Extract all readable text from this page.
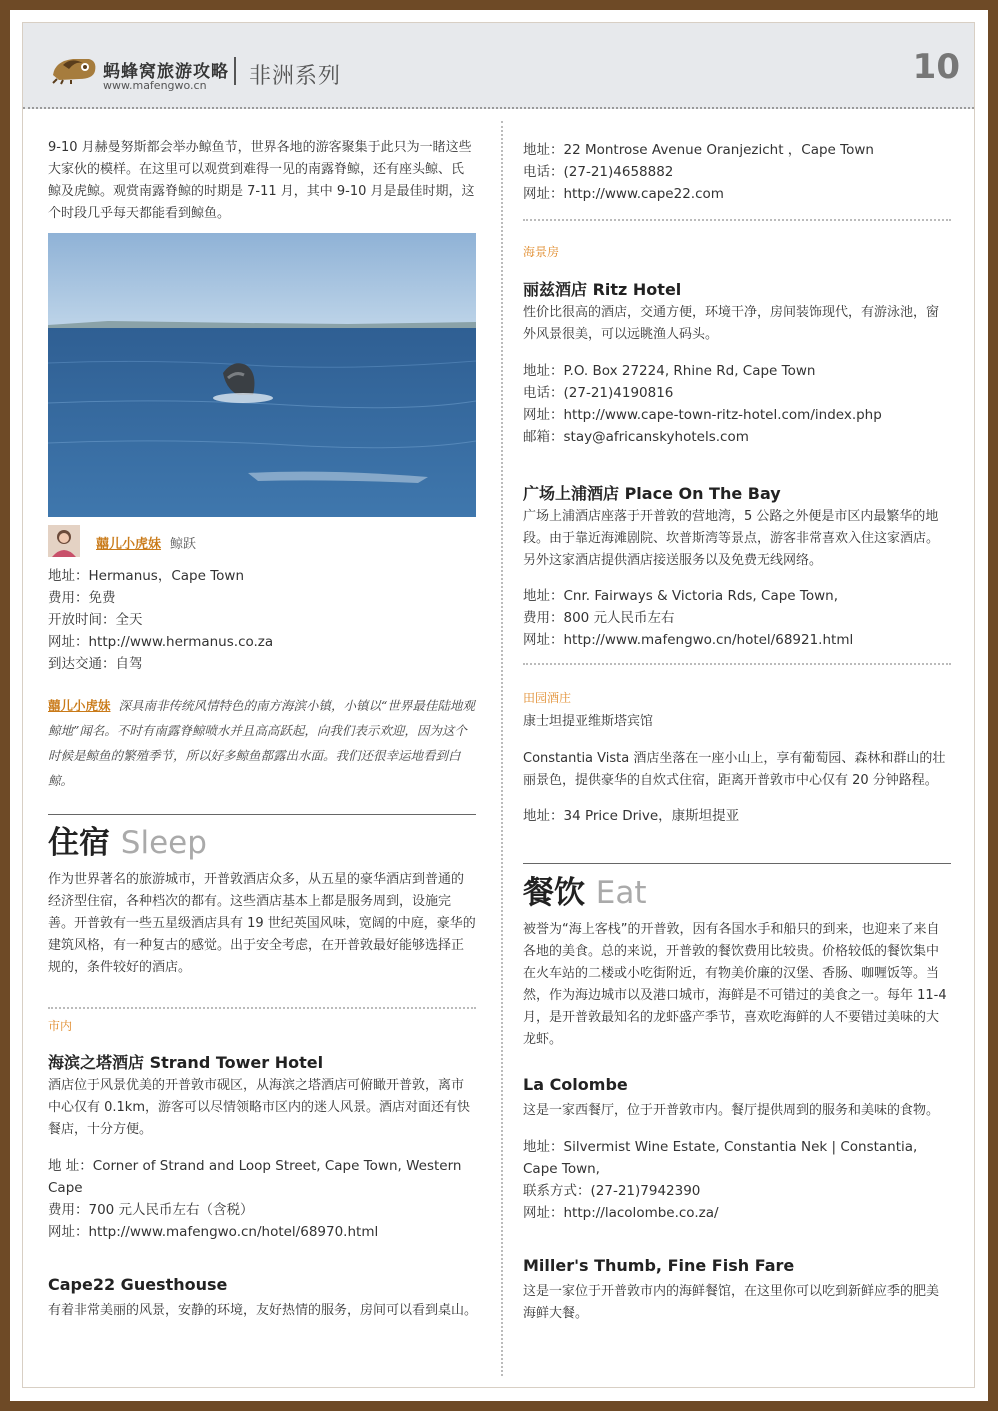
蚂蜂窝旅游攻略
www.mafengwo.cn 非洲系列	10

9-10 月赫曼努斯都会举办鲸鱼节，世界各地的游客聚集于此只为一睹这些大家伙的模样。在这里可以观赏到难得一见的南露脊鲸，还有座头鲸、氏鲸及虎鲸。观赏南露脊鲸的时期是 7-11 月，其中 9-10 月是最佳时期，这个时段几乎每天都能看到鲸鱼。

囍儿小虎妹 鲸跃

地址：Hermanus，Cape Town

费用：免费

开放时间：全天

网址：http://www.hermanus.co.za

到达交通：自驾

囍儿小虎妹 深具南非传统风情特色的南方海滨小镇，小镇以“世界最佳陆地观鲸地”闻名。不时有南露脊鲸喷水并且高高跃起，向我们表示欢迎，因为这个时候是鲸鱼的繁殖季节，所以好多鲸鱼都露出水面。我们还很幸运地看到白鲸。

住宿 Sleep

作为世界著名的旅游城市，开普敦酒店众多，从五星的豪华酒店到普通的经济型住宿，各种档次的都有。这些酒店基本上都是服务周到，设施完善。开普敦有一些五星级酒店具有 19 世纪英国风味，宽阔的中庭，豪华的建筑风格，有一种复古的感觉。出于安全考虑，在开普敦最好能够选择正规的，条件较好的酒店。

市内

海滨之塔酒店 Strand Tower Hotel

酒店位于风景优美的开普敦市砚区，从海滨之塔酒店可俯瞰开普敦，离市中心仅有 0.1km，游客可以尽情领略市区内的迷人风景。酒店对面还有快餐店，十分方便。

地 址：Corner of Strand and Loop Street, Cape Town, Western Cape

费用：700 元人民币左右（含税）

网址：http://www.mafengwo.cn/hotel/68970.html

Cape22 Guesthouse

有着非常美丽的风景，安静的环境，友好热情的服务，房间可以看到桌山。

地址：22 Montrose Avenue Oranjezicht ，Cape Town

电话：(27-21)4658882

网址：http://www.cape22.com

海景房

丽兹酒店 Ritz Hotel

性价比很高的酒店，交通方便，环境干净，房间装饰现代，有游泳池，窗外风景很美，可以远眺渔人码头。

地址：P.O. Box 27224, Rhine Rd, Cape Town

电话：(27-21)4190816

网址：http://www.cape-town-ritz-hotel.com/index.php

邮箱：stay@africanskyhotels.com

广场上浦酒店 Place On The Bay

广场上浦酒店座落于开普敦的营地湾，5 公路之外便是市区内最繁华的地段。由于靠近海滩剧院、坎普斯湾等景点，游客非常喜欢入住这家酒店。另外这家酒店提供酒店接送服务以及免费无线网络。

地址：Cnr. Fairways & Victoria Rds, Cape Town,

费用：800 元人民币左右

网址：http://www.mafengwo.cn/hotel/68921.html

田园酒庄

康士坦提亚维斯塔宾馆

Constantia Vista 酒店坐落在一座小山上，享有葡萄园、森林和群山的壮丽景色，提供豪华的自炊式住宿，距离开普敦市中心仅有 20 分钟路程。

地址：34 Price Drive，康斯坦提亚

餐饮 Eat

被誉为“海上客栈”的开普敦，因有各国水手和船只的到来，也迎来了来自各地的美食。总的来说，开普敦的餐饮费用比较贵。价格较低的餐饮集中在火车站的二楼或小吃街附近，有物美价廉的汉堡、香肠、咖喱饭等。当然，作为海边城市以及港口城市，海鲜是不可错过的美食之一。每年 11-4 月，是开普敦最知名的龙虾盛产季节，喜欢吃海鲜的人不要错过美味的大龙虾。

La Colombe

这是一家西餐厅，位于开普敦市内。餐厅提供周到的服务和美味的食物。

地址：Silvermist Wine Estate, Constantia Nek | Constantia, Cape Town,

联系方式：(27-21)7942390

网址：http://lacolombe.co.za/

Miller's Thumb, Fine Fish Fare

这是一家位于开普敦市内的海鲜餐馆，在这里你可以吃到新鲜应季的肥美海鲜大餐。
